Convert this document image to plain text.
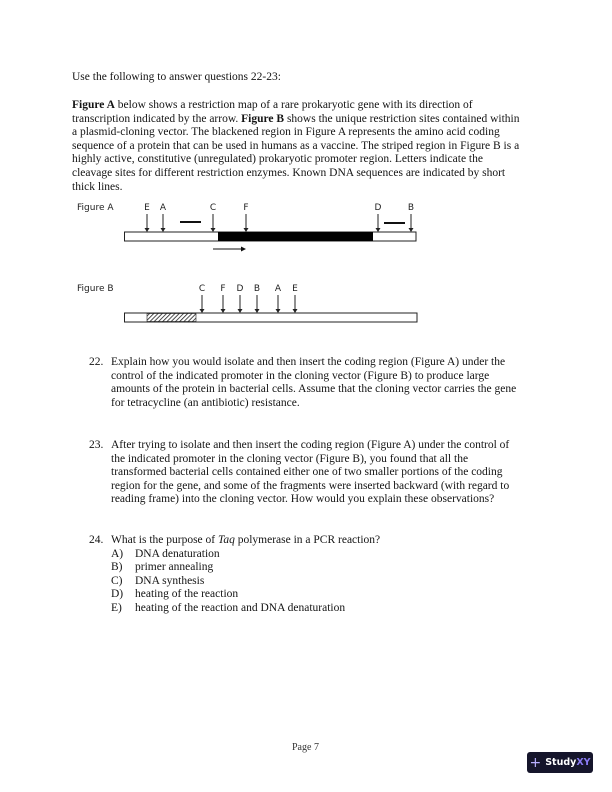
Use the following to answer questions 22-23:
Figure A below shows a restriction map of a rare prokaryotic gene with its direction of
transcription indicated by the arrow. Figure B shows the unique restriction sites contained within
a plasmid-cloning vector. The blackened region in Figure A represents the amino acid coding
sequence of a protein that can be used in humans as a vaccine. The striped region in Figure B is a
highly active, constitutive (unregulated) prokaryotic promoter region. Letters indicate the
cleavage sites for different restriction enzymes. Known DNA sequences are indicated by short
thick lines.
Figure A	E A	C	F	D	B
Figure B	C F D B A E
22. Explain how you would isolate and then insert the coding region (Figure A) under the
control of the indicated promoter in the cloning vector (Figure B) to produce large
amounts of the protein in bacterial cells. Assume that the cloning vector carries the gene
for tetracycline (an antibiotic) resistance.
23. After trying to isolate and then insert the coding region (Figure A) under the control of
the indicated promoter in the cloning vector (Figure B), you found that all the
transformed bacterial cells contained either one of two smaller portions of the coding
region for the gene, and some of the fragments were inserted backward (with regard to
reading frame) into the cloning vector. How would you explain these observations?
24. What is the purpose of Taq polymerase in a PCR reaction?
A) DNA denaturation
B) primer annealing
C) DNA synthesis
D) heating of the reaction
E) heating of the reaction and DNA denaturation
Page 7
+ Study XY
